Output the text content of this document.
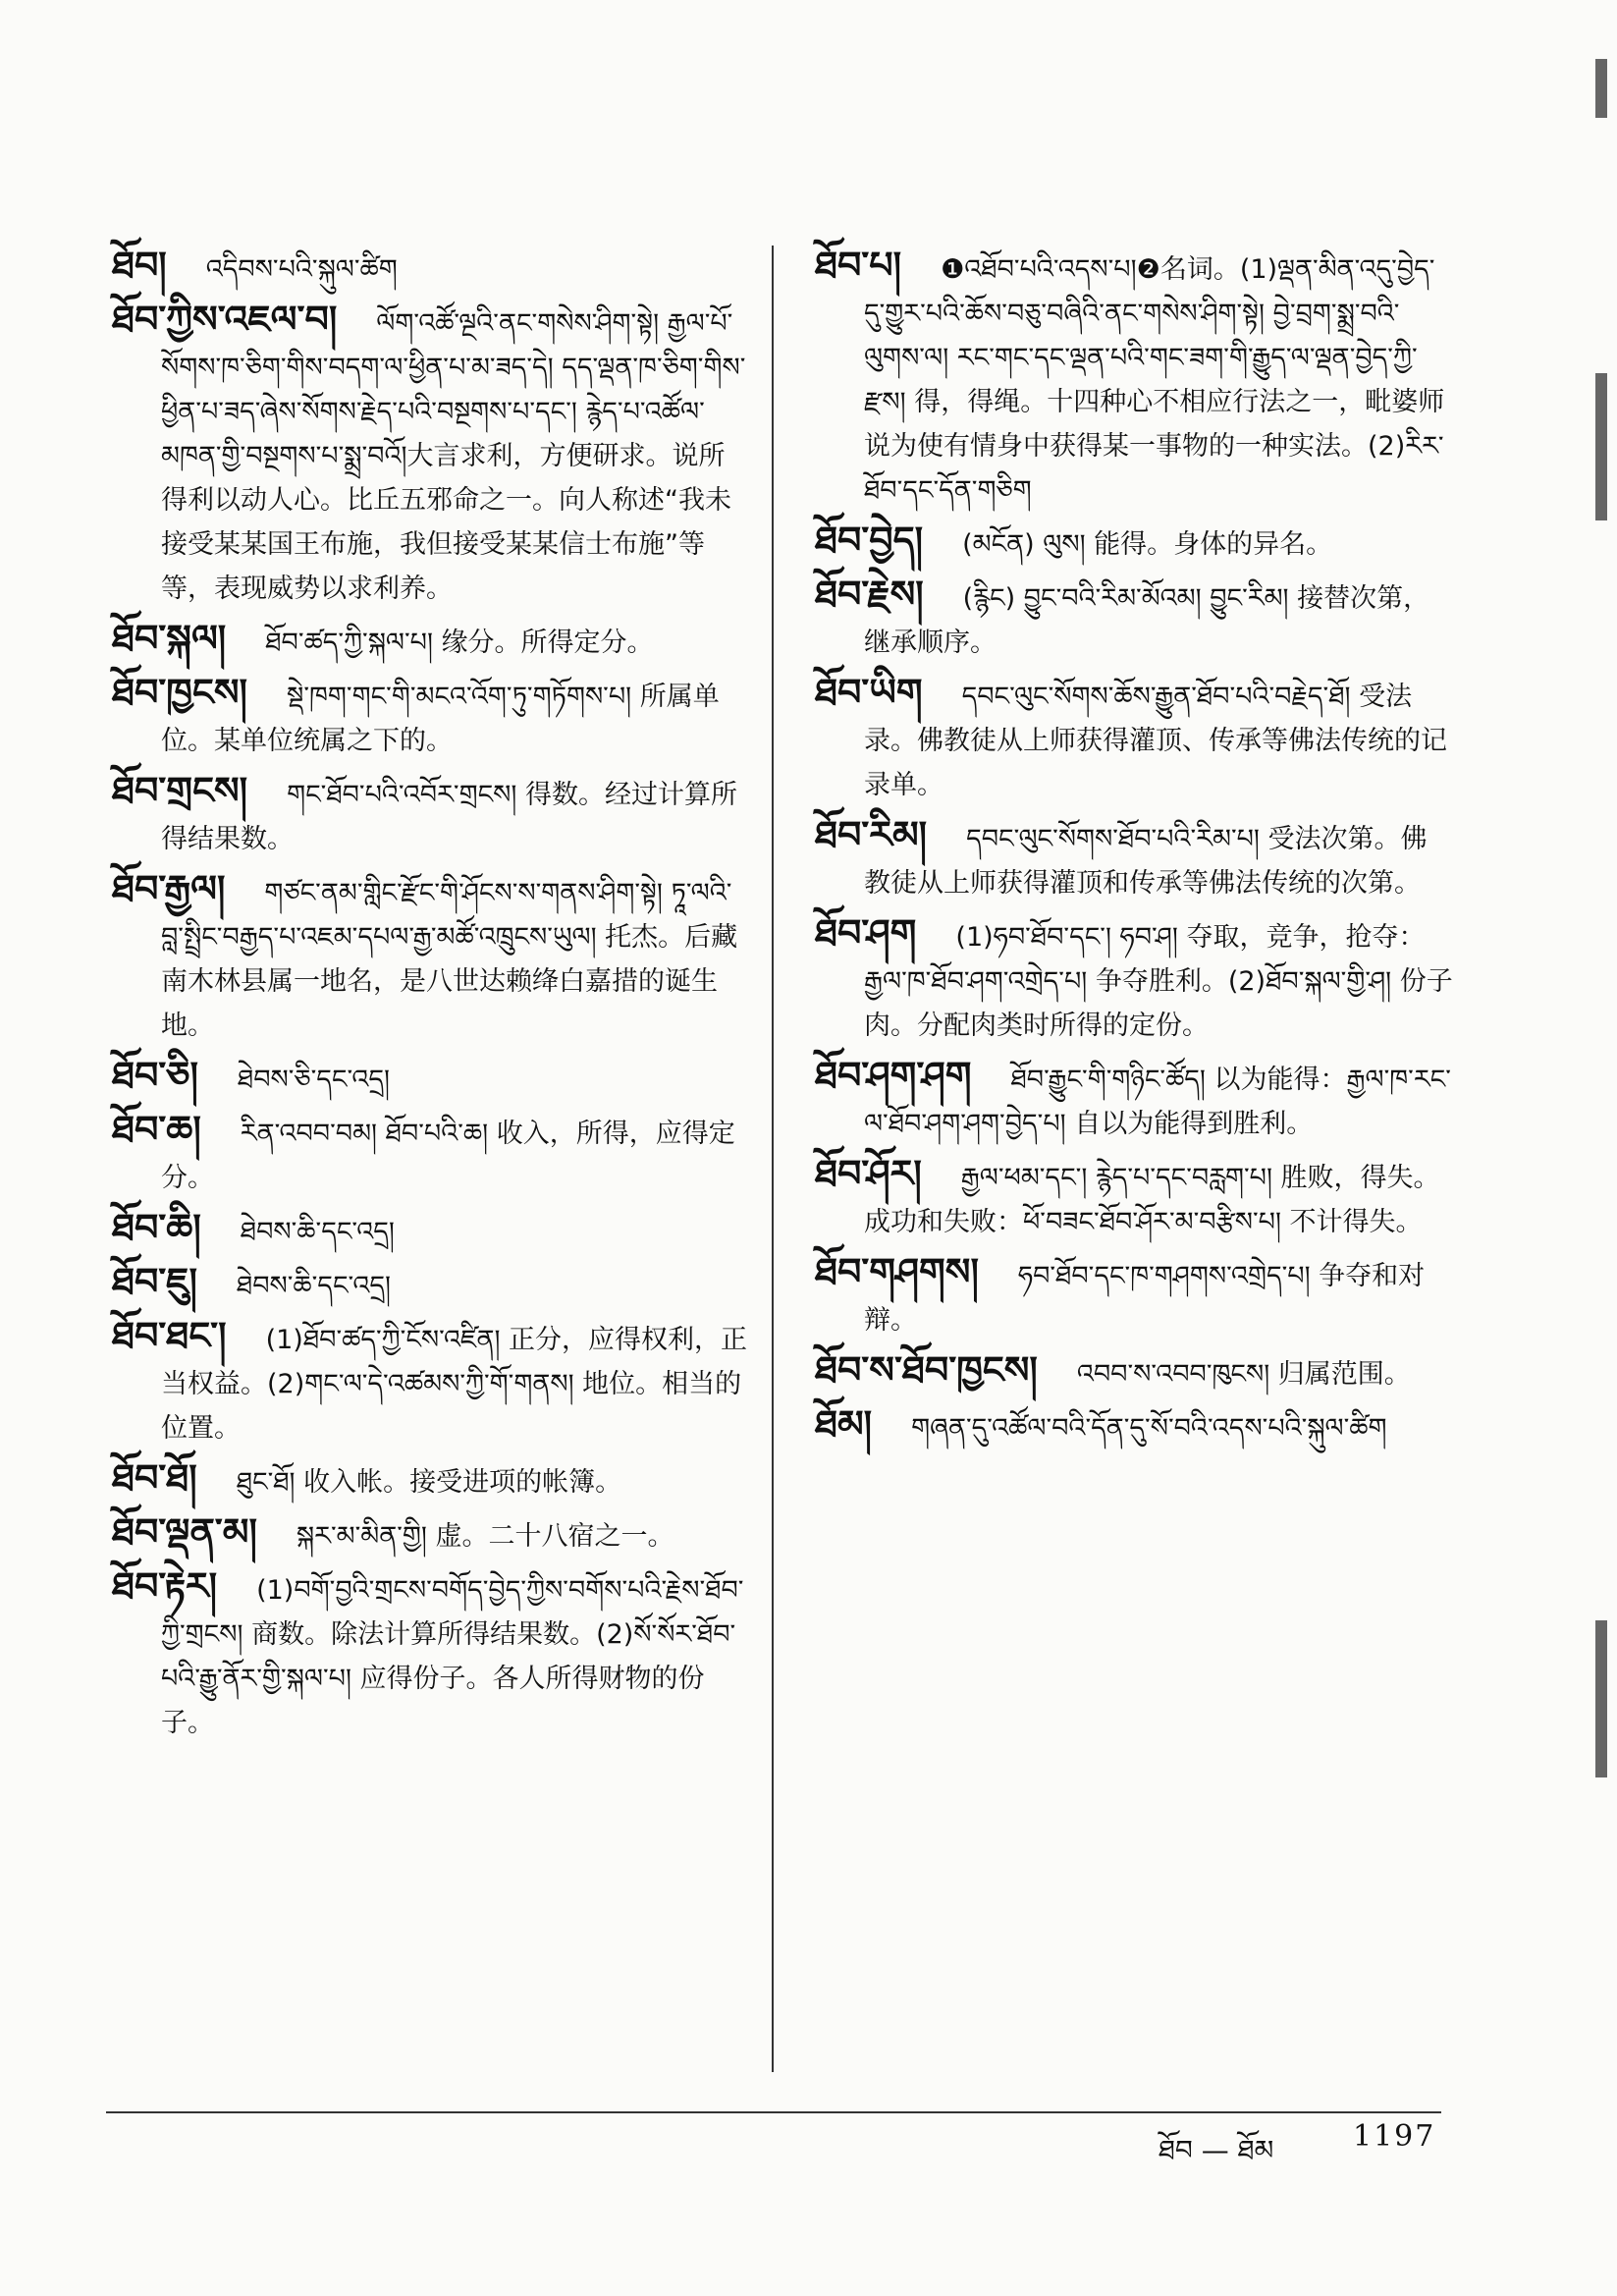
ཐོབ། འདིབས་པའི་སྐུལ་ཚིག
ཐོབ་ཀྱིས་འཇལ་བ། ལོག་འཚོ་ལྔའི་ནང་གསེས་ཤིག་སྟེ། རྒྱལ་པོ་སོགས་ཁ་ཅིག་གིས་བདག་ལ་ཕྱིན་པ་མ་ཟད་དེ། དད་ལྡན་ཁ་ཅིག་གིས་ཕྱིན་པ་ཟད་ཞེས་སོགས་རྗེད་པའི་བསྔགས་པ་དང་། རྙེད་པ་འཚོལ་མཁན་གྱི་བསྔགས་པ་སྨྲ་བའོ།大言求利，方便研求。说所得利以动人心。比丘五邪命之一。向人称述“我未接受某某国王布施，我但接受某某信士布施”等等，表现威势以求利养。
ཐོབ་སྐལ། ཐོབ་ཚད་ཀྱི་སྐལ་པ། 缘分。所得定分。
ཐོབ་ཁྱངས། སྡེ་ཁག་གང་གི་མངའ་འོག་ཏུ་གཏོགས་པ། 所属单位。某单位统属之下的。
ཐོབ་གྲངས། གང་ཐོབ་པའི་འབོར་གྲངས། 得数。经过计算所得结果数。
ཐོབ་རྒྱལ། གཙང་ནམ་གླིང་རྫོང་གི་ཤོངས་ས་གནས་ཤིག་སྟེ། ཏཱ་ལའི་བླ་སྤྲིང་བརྒྱད་པ་འཇམ་དཔལ་རྒྱ་མཚོ་འཁྲུངས་ཡུལ། 托杰。后藏南木林县属一地名，是八世达赖绛白嘉措的诞生地。
ཐོབ་ཅི། ཐེབས་ཅི་དང་འདྲ།
ཐོབ་ཆ། རིན་འབབ་བམ། ཐོབ་པའི་ཆ། 收入，所得，应得定分。
ཐོབ་ཆི། ཐེབས་ཆི་དང་འདྲ།
ཐོབ་ཇུ། ཐེབས་ཆི་དང་འདྲ།
ཐོབ་ཐང་། (1)ཐོབ་ཚད་ཀྱི་ངོས་འཛིན། 正分，应得权利，正当权益。(2)གང་ལ་དེ་འཚམས་ཀྱི་གོ་གནས། 地位。相当的位置。
ཐོབ་ཐོ། ཐུང་ཐོ། 收入帐。接受进项的帐簿。
ཐོབ་ལྡན་མ། སྐར་མ་མིན་གྱི། 虚。二十八宿之一。
ཐོབ་རྟེར། (1)བགོ་བྱའི་གྲངས་བགོད་བྱེད་ཀྱིས་བགོས་པའི་རྗེས་ཐོབ་ཀྱི་གྲངས། 商数。除法计算所得结果数。(2)སོ་སོར་ཐོབ་པའི་རྒྱུ་ནོར་གྱི་སྐལ་པ། 应得份子。各人所得财物的份子。
ཐོབ་པ། ❶འཐོབ་པའི་འདས་པ།❷名词。(1)ལྡན་མིན་འདུ་བྱེད་དུ་གྱུར་པའི་ཆོས་བཅུ་བཞིའི་ནང་གསེས་ཤིག་སྟེ། བྱེ་བྲག་སྨྲ་བའི་ལུགས་ལ། རང་གང་དང་ལྡན་པའི་གང་ཟག་གི་རྒྱུད་ལ་ལྡན་བྱེད་ཀྱི་རྫས། 得，得绳。十四种心不相应行法之一，毗婆师说为使有情身中获得某一事物的一种实法。(2)རིར་ཐོབ་དང་དོན་གཅིག
ཐོབ་བྱེད། (མངོན) ལུས། 能得。身体的异名。
ཐོབ་རྗེས། (རྙིང) བྱུང་བའི་རིམ་མོའམ། བྱུང་རིམ། 接替次第，继承顺序。
ཐོབ་ཡིག དབང་ལུང་སོགས་ཆོས་རྒྱུན་ཐོབ་པའི་བརྗེད་ཐོ། 受法录。佛教徒从上师获得灌顶、传承等佛法传统的记录单。
ཐོབ་རིམ། དབང་ལུང་སོགས་ཐོབ་པའི་རིམ་པ། 受法次第。佛教徒从上师获得灌顶和传承等佛法传统的次第。
ཐོབ་ཤག (1)ཧབ་ཐོབ་དང་། ཧབ་ཤ། 夺取，竞争，抢夺：རྒྱལ་ཁ་ཐོབ་ཤག་འགྲེད་པ། 争夺胜利。(2)ཐོབ་སྐལ་གྱི་ཤ། 份子肉。分配肉类时所得的定份。
ཐོབ་ཤག་ཤག ཐོབ་རྒྱུང་གི་གཉིང་ཚོད། 以为能得：རྒྱལ་ཁ་རང་ལ་ཐོབ་ཤག་ཤག་བྱེད་པ། 自以为能得到胜利。
ཐོབ་ཤོར། རྒྱལ་ཕམ་དང་། རྙེད་པ་དང་བརླག་པ། 胜败，得失。成功和失败：ཕོ་བཟང་ཐོབ་ཤོར་མ་བརྩིས་པ། 不计得失。
ཐོབ་གཤགས། ཧབ་ཐོབ་དང་ཁ་གཤགས་འགྲེད་པ། 争夺和对辩。
ཐོབ་ས་ཐོབ་ཁྱངས། འབབ་ས་འབབ་ཁུངས། 归属范围。
ཐོམ། གཞན་དུ་འཚོལ་བའི་དོན་དུ་སོ་བའི་འདས་པའི་སྐུལ་ཚིག
ཐོབ — ཐོམ	1197
